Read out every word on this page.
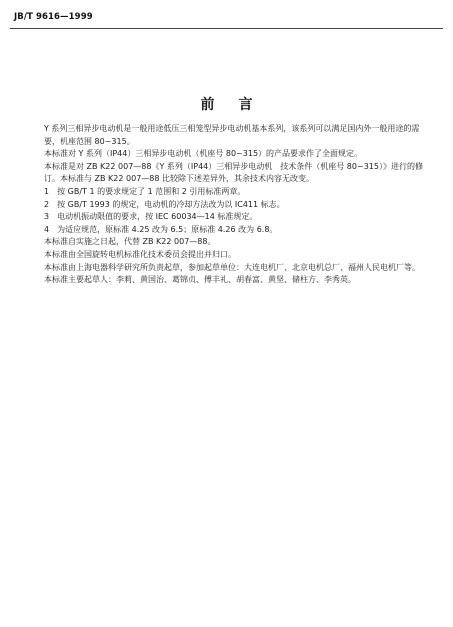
JB/T 9616—1999
前言
Y 系列三相异步电动机是一般用途低压三相笼型异步电动机基本系列，该系列可以满足国内外一般用途的需要，机座范围 80~315。
本标准对 Y 系列（IP44）三相异步电动机（机座号 80~315）的产品要求作了全面规定。
本标准是对 ZB K22 007—88《Y 系列（IP44）三相异步电动机　技术条件（机座号 80~315）》进行的修订。本标准与 ZB K22 007—88 比较除下述差异外，其余技术内容无改变。
1　按 GB/T 1 的要求规定了 1 范围和 2 引用标准两章。
2　按 GB/T 1993 的规定，电动机的冷却方法改为以 IC411 标志。
3　电动机振动限值的要求，按 IEC 60034—14 标准规定。
4　为适应规范，原标准 4.25 改为 6.5；原标准 4.26 改为 6.8。
本标准自实施之日起，代替 ZB K22 007—88。
本标准由全国旋转电机标准化技术委员会提出并归口。
本标准由上海电器科学研究所负责起草，参加起草单位：大连电机厂、北京电机总厂、福州人民电机厂等。
本标准主要起草人：李莉、黄国治、葛锦贞、傅丰礼、胡春富、黄坚、储柱方、李秀英。
